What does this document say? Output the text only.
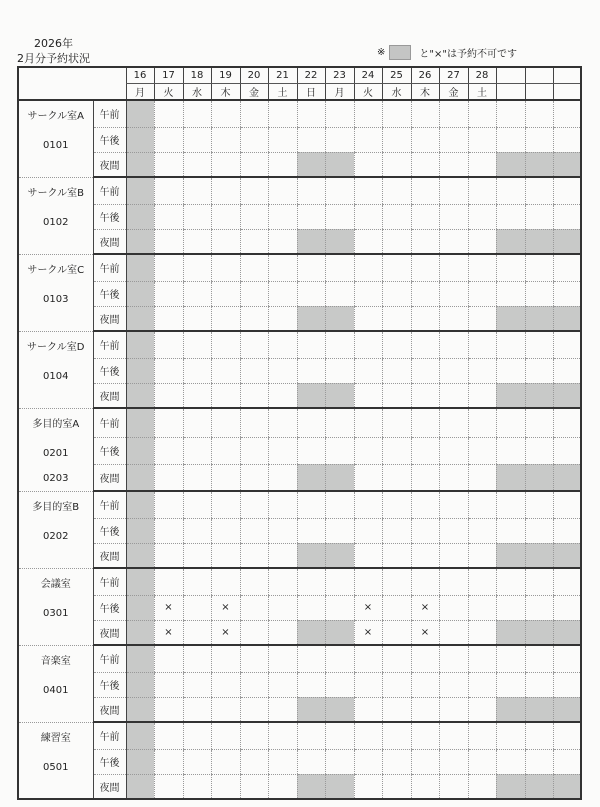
2026年
2月分予約状況	※	と"×"は予約不可です
		16	17	18	19	20	21	22	23	24	25	26	27	28			
		月	火	水	木	金	土	日	月	火	水	木	金	土			

サークル室A
0101	午前																
	午後																
	夜間																

サークル室B
0102	午前																
	午後																
	夜間																

サークル室C
0103	午前																
	午後																
	夜間																

サークル室D
0104	午前																
	午後																
	夜間																

多目的室A
0201
0203	午前																
	午後																
	夜間																

多目的室B
0202	午前																
	午後																
	夜間																

会議室
0301	午前																
	午後		×		×					×		×					
	夜間		×		×					×		×					

音楽室
0401	午前																
	午後																
	夜間																

練習室
0501	午前																
	午後																
	夜間																
